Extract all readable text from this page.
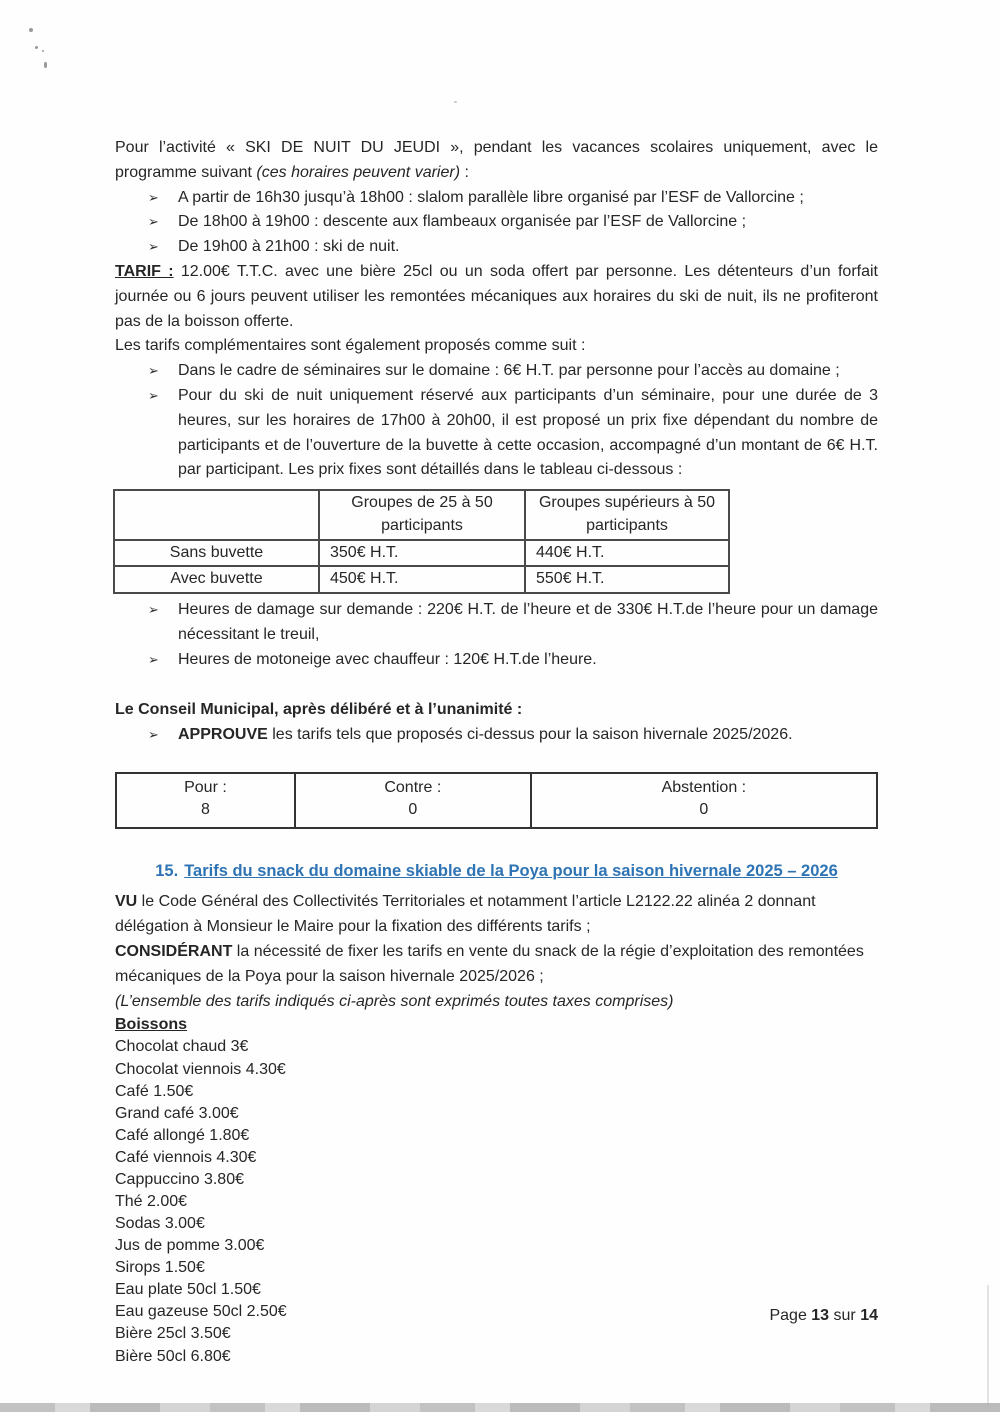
Pour l’activité « SKI DE NUIT DU JEUDI », pendant les vacances scolaires uniquement, avec le programme suivant (ces horaires peuvent varier) :

➢	A partir de 16h30 jusqu’à 18h00 : slalom parallèle libre organisé par l’ESF de Vallorcine ;
➢	De 18h00 à 19h00 : descente aux flambeaux organisée par l’ESF de Vallorcine ;
➢	De 19h00 à 21h00 : ski de nuit.

TARIF : 12.00€ T.T.C. avec une bière 25cl ou un soda offert par personne. Les détenteurs d’un forfait journée ou 6 jours peuvent utiliser les remontées mécaniques aux horaires du ski de nuit, ils ne profiteront pas de la boisson offerte.

Les tarifs complémentaires sont également proposés comme suit :

➢	Dans le cadre de séminaires sur le domaine : 6€ H.T. par personne pour l’accès au domaine ;
➢	Pour du ski de nuit uniquement réservé aux participants d’un séminaire, pour une durée de 3 heures, sur les horaires de 17h00 à 20h00, il est proposé un prix fixe dépendant du nombre de participants et de l’ouverture de la buvette à cette occasion, accompagné d’un montant de 6€ H.T. par participant. Les prix fixes sont détaillés dans le tableau ci-dessous :
	Groupes de 25 à 50 participants	Groupes supérieurs à 50 participants
Sans buvette	350€ H.T.	440€ H.T.
Avec buvette	450€ H.T.	550€ H.T.
➢	Heures de damage sur demande : 220€ H.T. de l’heure et de 330€ H.T.de l’heure pour un damage nécessitant le treuil,
➢	Heures de motoneige avec chauffeur : 120€ H.T.de l’heure.

Le Conseil Municipal, après délibéré et à l’unanimité :

➢	APPROUVE les tarifs tels que proposés ci-dessus pour la saison hivernale 2025/2026.
Pour :
8

Contre :
0

Abstention :
0

15. Tarifs du snack du domaine skiable de la Poya pour la saison hivernale 2025 – 2026

VU le Code Général des Collectivités Territoriales et notamment l’article L2122.22 alinéa 2 donnant délégation à Monsieur le Maire pour la fixation des différents tarifs ;

CONSIDÉRANT la nécessité de fixer les tarifs en vente du snack de la régie d’exploitation des remontées mécaniques de la Poya pour la saison hivernale 2025/2026 ;

(L’ensemble des tarifs indiqués ci-après sont exprimés toutes taxes comprises)

Boissons

Chocolat chaud 3€
Chocolat viennois 4.30€
Café 1.50€
Grand café 3.00€
Café allongé 1.80€
Café viennois 4.30€
Cappuccino 3.80€
Thé 2.00€
Sodas 3.00€
Jus de pomme 3.00€
Sirops 1.50€
Eau plate 50cl 1.50€
Eau gazeuse 50cl 2.50€
Bière 25cl 3.50€
Bière 50cl 6.80€
Page 13 sur 14
